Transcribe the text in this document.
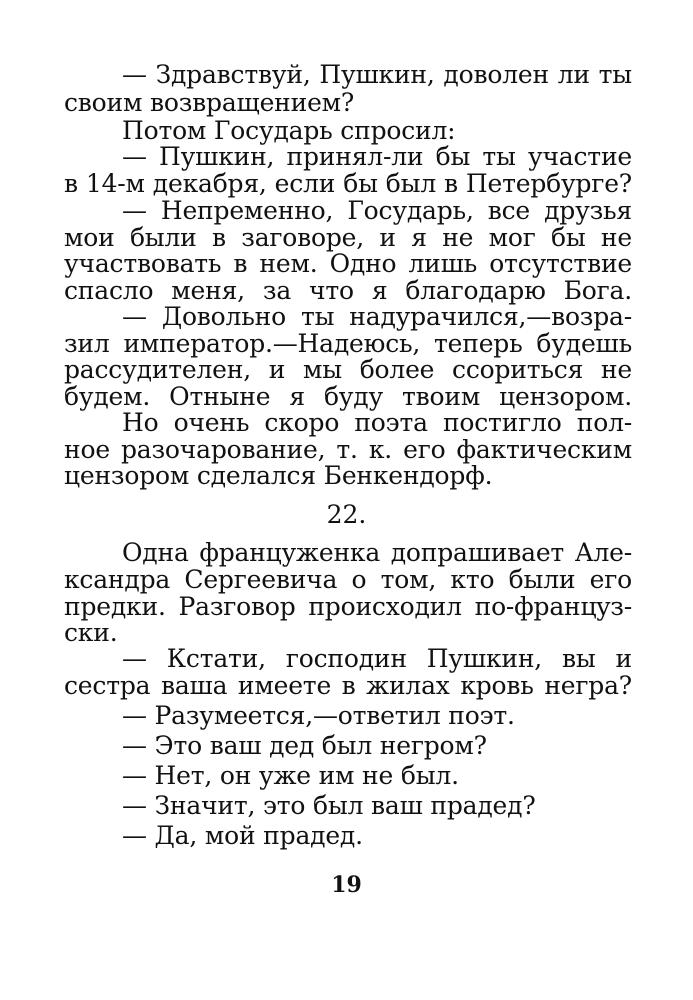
— Здравствуй, Пушкин, доволен ли ты
своим возвращением?
Потом Государь спросил:
— Пушкин, принял-ли бы ты участие
в 14-м декабря, если бы был в Петербурге?
— Непременно, Государь, все друзья
мои были в заговоре, и я не мог бы не
участвовать в нем. Одно лишь отсутствие
спасло меня, за что я благодарю Бога.
— Довольно ты надурачился,—возра-
зил император.—Надеюсь, теперь будешь
рассудителен, и мы более ссориться не
будем. Отныне я буду твоим цензором.
Но очень скоро поэта постигло пол-
ное разочарование, т. к. его фактическим
цензором сделался Бенкендорф.
22.
Одна француженка допрашивает Але-
ксандра Сергеевича о том, кто были его
предки. Разговор происходил по-францyз-
ски.
— Кстати, господин Пушкин, вы и
сестра ваша имеете в жилах кровь негра?
— Разумеется,—ответил поэт.
— Это ваш дед был негром?
— Нет, он уже им не был.
— Значит, это был ваш прадед?
— Да, мой прадед.
19
